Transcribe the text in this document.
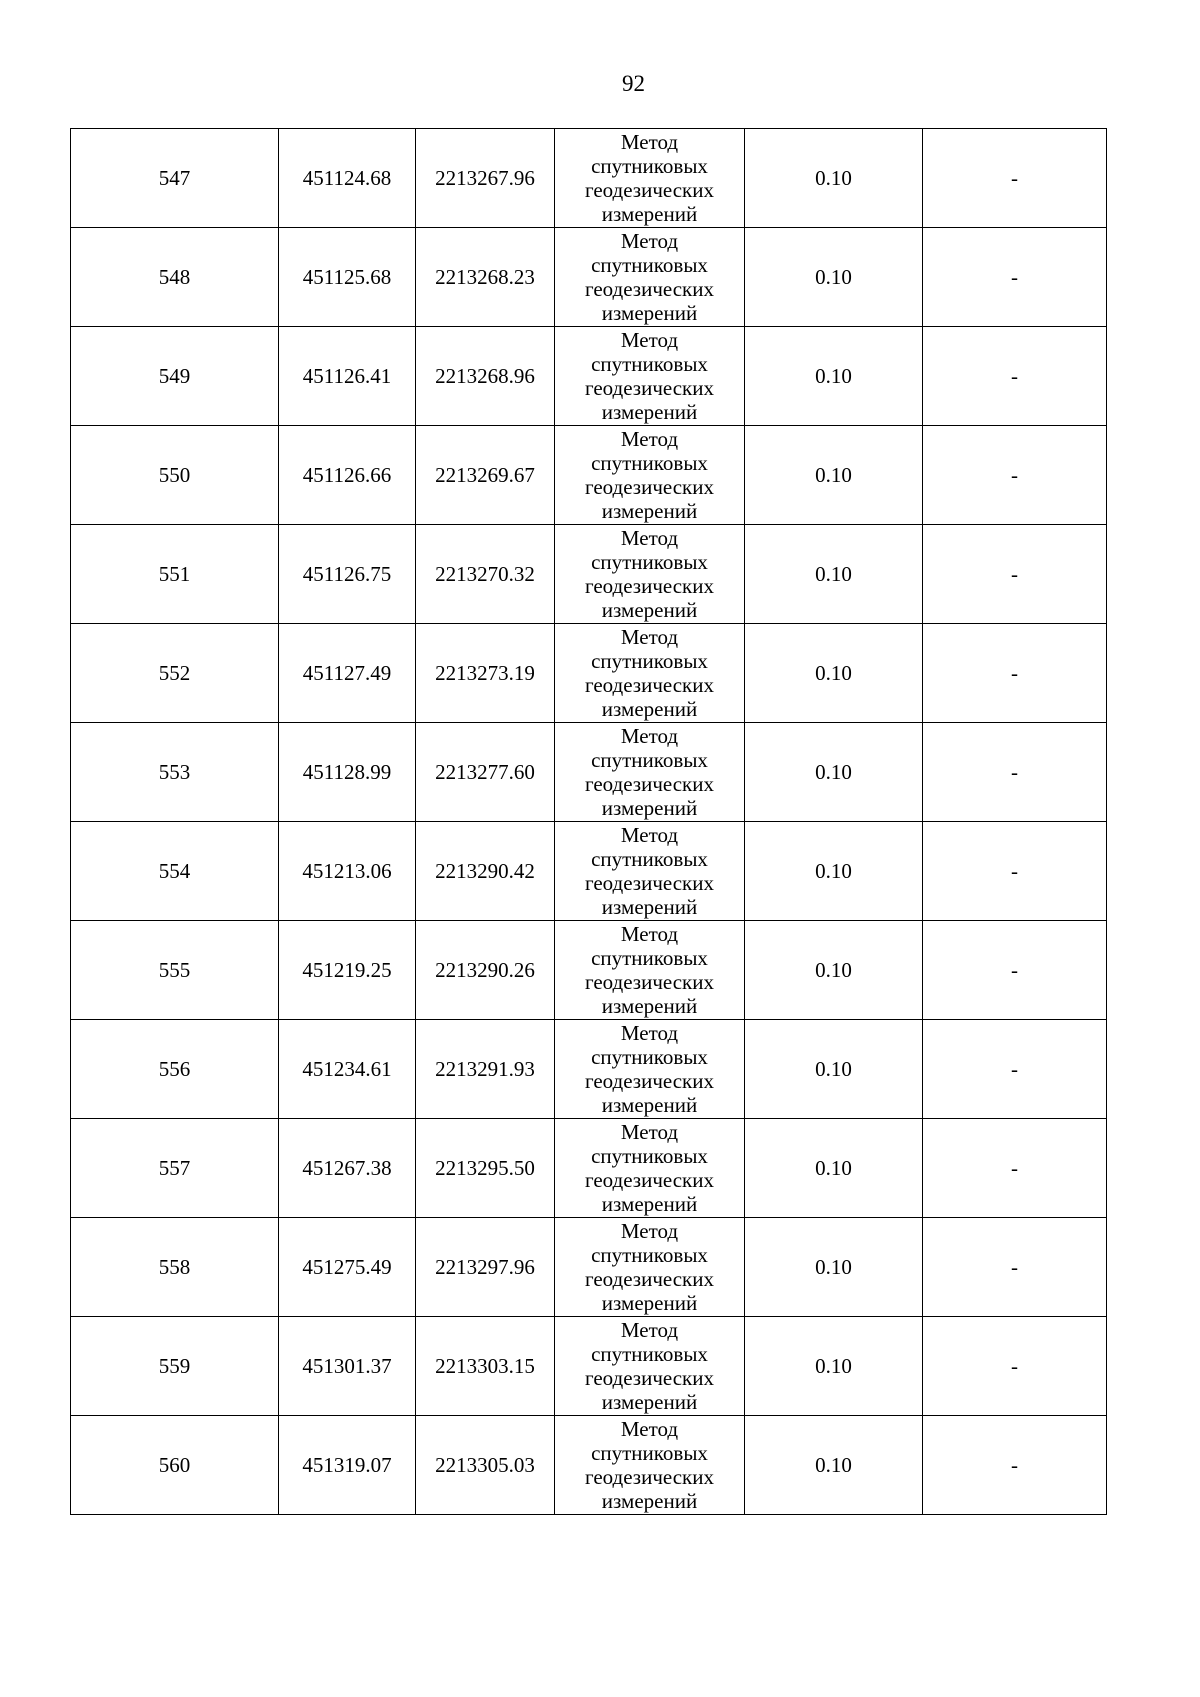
92
547	451124.68	2213267.96	Метод
спутниковых
геодезических
измерений	0.10	-
548	451125.68	2213268.23	Метод
спутниковых
геодезических
измерений	0.10	-
549	451126.41	2213268.96	Метод
спутниковых
геодезических
измерений	0.10	-
550	451126.66	2213269.67	Метод
спутниковых
геодезических
измерений	0.10	-
551	451126.75	2213270.32	Метод
спутниковых
геодезических
измерений	0.10	-
552	451127.49	2213273.19	Метод
спутниковых
геодезических
измерений	0.10	-
553	451128.99	2213277.60	Метод
спутниковых
геодезических
измерений	0.10	-
554	451213.06	2213290.42	Метод
спутниковых
геодезических
измерений	0.10	-
555	451219.25	2213290.26	Метод
спутниковых
геодезических
измерений	0.10	-
556	451234.61	2213291.93	Метод
спутниковых
геодезических
измерений	0.10	-
557	451267.38	2213295.50	Метод
спутниковых
геодезических
измерений	0.10	-
558	451275.49	2213297.96	Метод
спутниковых
геодезических
измерений	0.10	-
559	451301.37	2213303.15	Метод
спутниковых
геодезических
измерений	0.10	-
560	451319.07	2213305.03	Метод
спутниковых
геодезических
измерений	0.10	-
